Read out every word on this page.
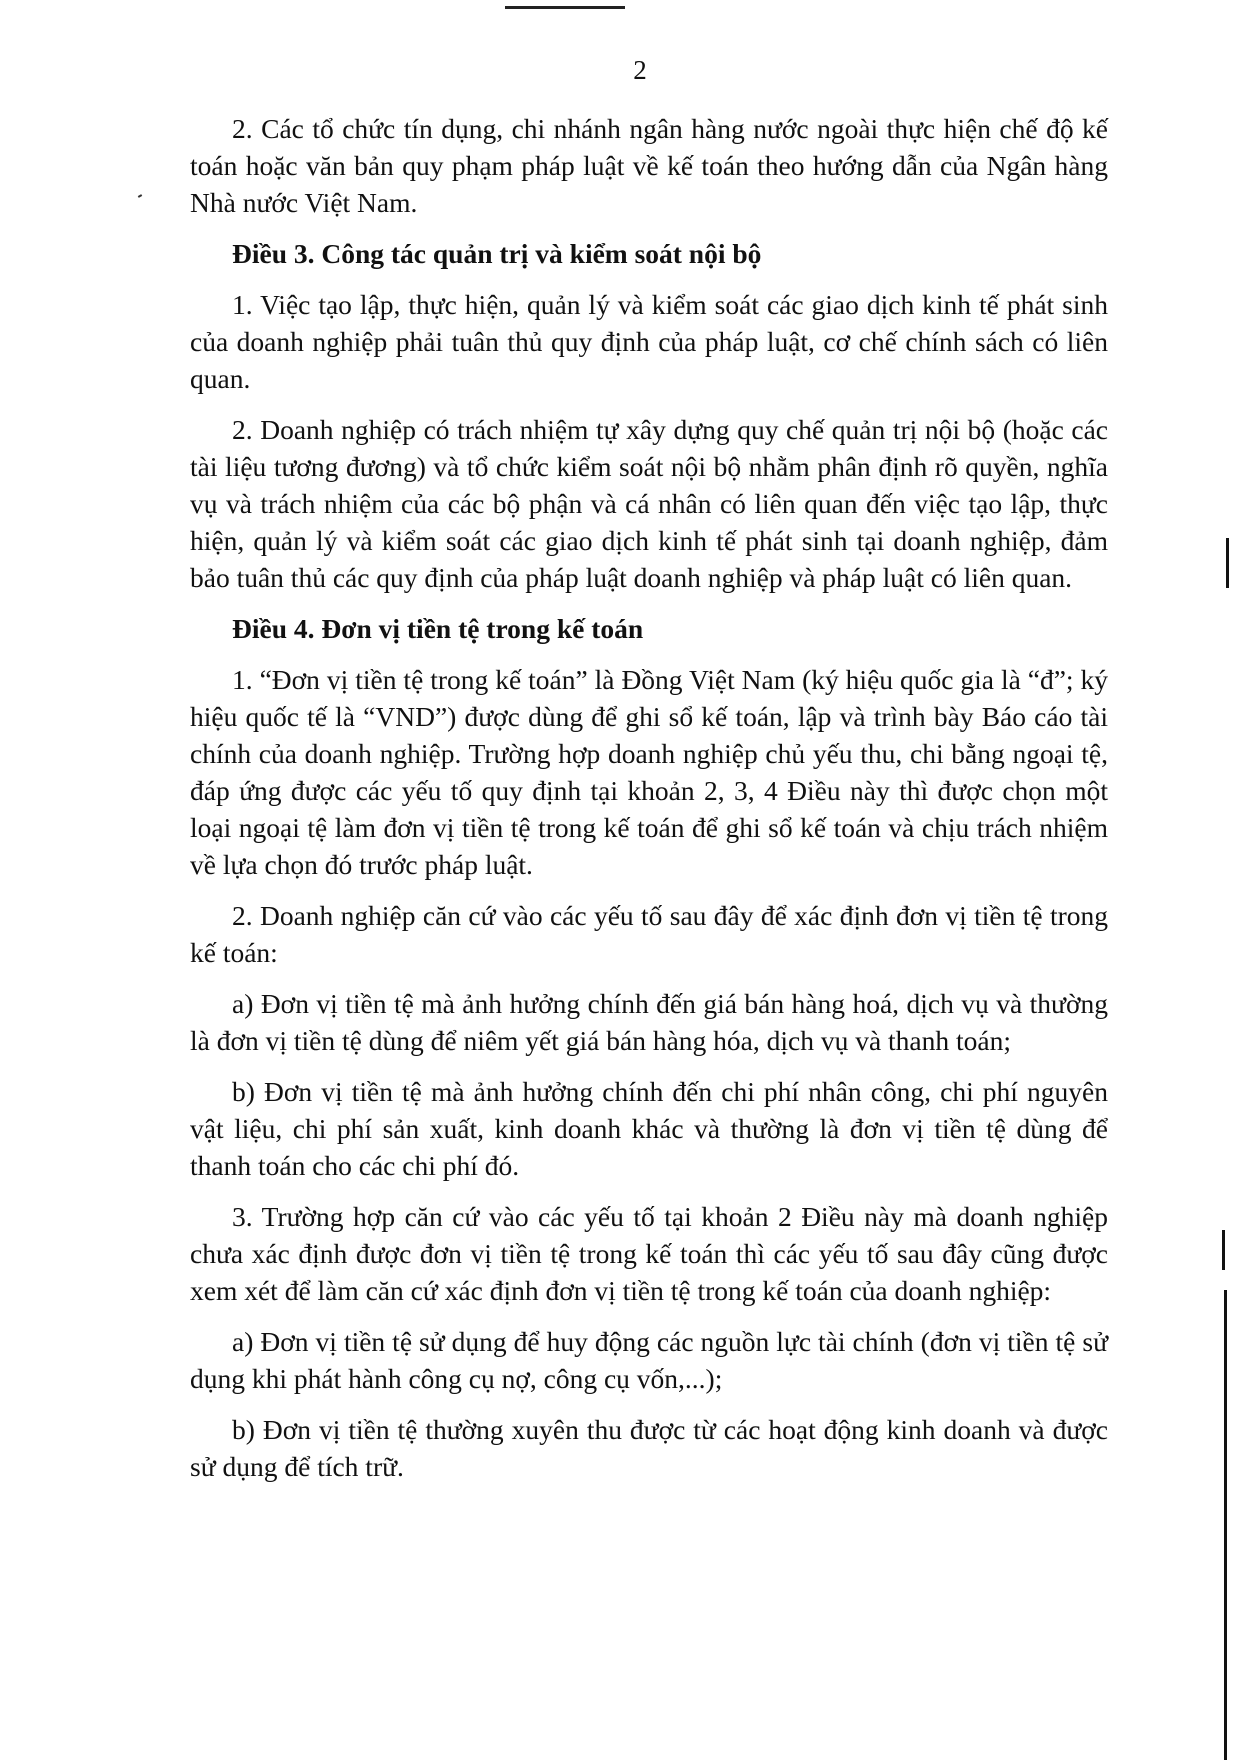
2

2. Các tổ chức tín dụng, chi nhánh ngân hàng nước ngoài thực hiện chế độ kế toán hoặc văn bản quy phạm pháp luật về kế toán theo hướng dẫn của Ngân hàng Nhà nước Việt Nam.

Điều 3. Công tác quản trị và kiểm soát nội bộ

1. Việc tạo lập, thực hiện, quản lý và kiểm soát các giao dịch kinh tế phát sinh của doanh nghiệp phải tuân thủ quy định của pháp luật, cơ chế chính sách có liên quan.

2. Doanh nghiệp có trách nhiệm tự xây dựng quy chế quản trị nội bộ (hoặc các tài liệu tương đương) và tổ chức kiểm soát nội bộ nhằm phân định rõ quyền, nghĩa vụ và trách nhiệm của các bộ phận và cá nhân có liên quan đến việc tạo lập, thực hiện, quản lý và kiểm soát các giao dịch kinh tế phát sinh tại doanh nghiệp, đảm bảo tuân thủ các quy định của pháp luật doanh nghiệp và pháp luật có liên quan.

Điều 4. Đơn vị tiền tệ trong kế toán

1. “Đơn vị tiền tệ trong kế toán” là Đồng Việt Nam (ký hiệu quốc gia là “đ”; ký hiệu quốc tế là “VND”) được dùng để ghi sổ kế toán, lập và trình bày Báo cáo tài chính của doanh nghiệp. Trường hợp doanh nghiệp chủ yếu thu, chi bằng ngoại tệ, đáp ứng được các yếu tố quy định tại khoản 2, 3, 4 Điều này thì được chọn một loại ngoại tệ làm đơn vị tiền tệ trong kế toán để ghi sổ kế toán và chịu trách nhiệm về lựa chọn đó trước pháp luật.

2. Doanh nghiệp căn cứ vào các yếu tố sau đây để xác định đơn vị tiền tệ trong kế toán:

a) Đơn vị tiền tệ mà ảnh hưởng chính đến giá bán hàng hoá, dịch vụ và thường là đơn vị tiền tệ dùng để niêm yết giá bán hàng hóa, dịch vụ và thanh toán;

b) Đơn vị tiền tệ mà ảnh hưởng chính đến chi phí nhân công, chi phí nguyên vật liệu, chi phí sản xuất, kinh doanh khác và thường là đơn vị tiền tệ dùng để thanh toán cho các chi phí đó.

3. Trường hợp căn cứ vào các yếu tố tại khoản 2 Điều này mà doanh nghiệp chưa xác định được đơn vị tiền tệ trong kế toán thì các yếu tố sau đây cũng được xem xét để làm căn cứ xác định đơn vị tiền tệ trong kế toán của doanh nghiệp:

a) Đơn vị tiền tệ sử dụng để huy động các nguồn lực tài chính (đơn vị tiền tệ sử dụng khi phát hành công cụ nợ, công cụ vốn,...);

b) Đơn vị tiền tệ thường xuyên thu được từ các hoạt động kinh doanh và được sử dụng để tích trữ.
